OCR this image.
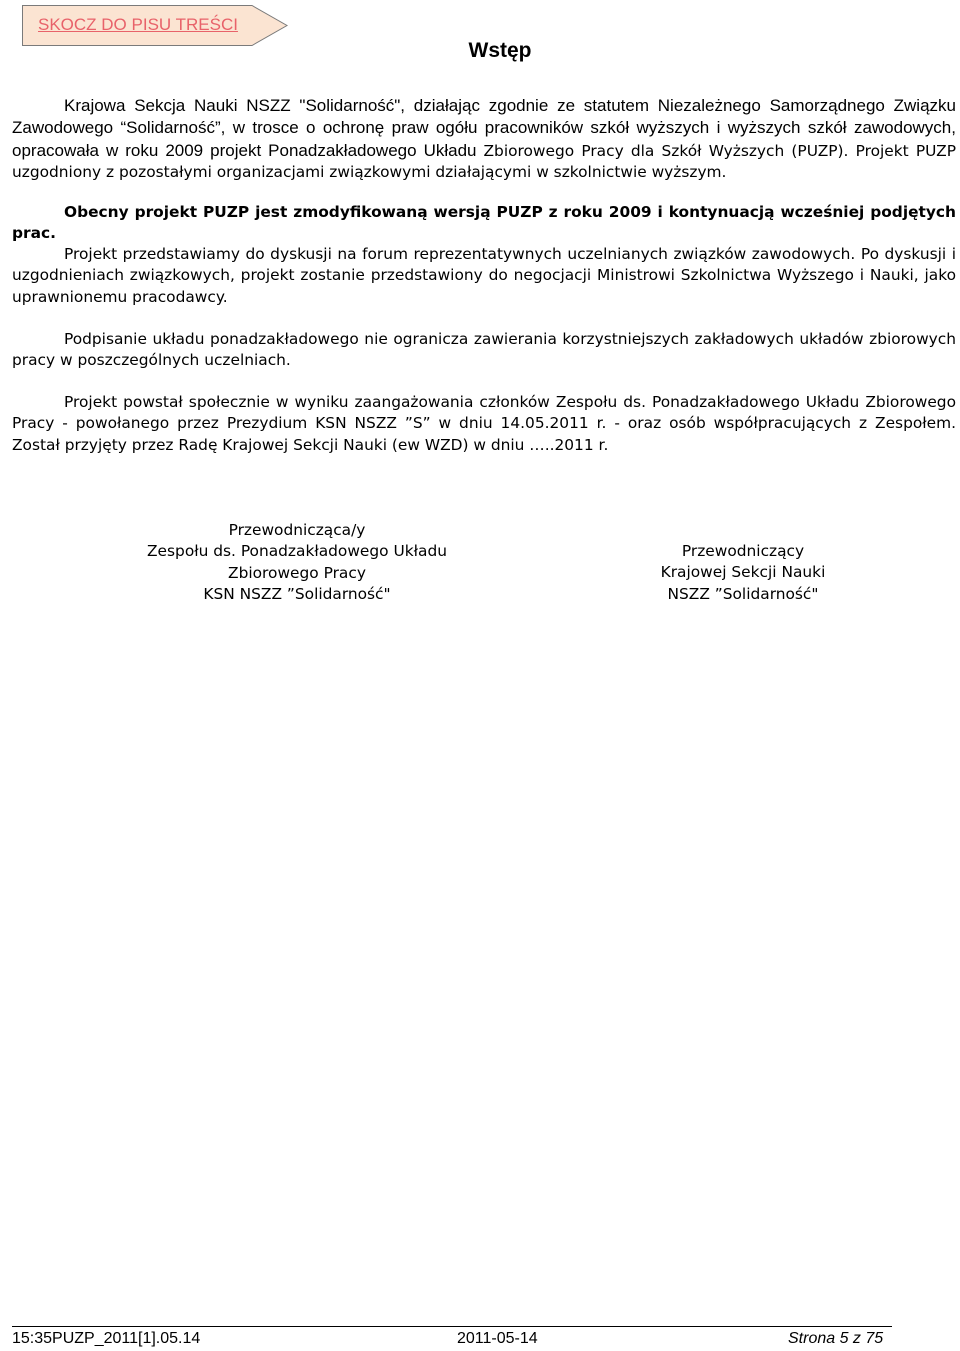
SKOCZ DO PISU TREŚCI
Wstęp

Krajowa Sekcja Nauki NSZZ "Solidarność", działając zgodnie ze statutem Niezależnego Samorządnego Związku Zawodowego “Solidarność”, w trosce o ochronę praw ogółu pracowników szkół wyższych i wyższych szkół zawodowych, opracowała w roku 2009 projekt Ponadzakładowego Układu Zbiorowego Pracy dla Szkół Wyższych (PUZP). Projekt PUZP uzgodniony z pozostałymi organizacjami związkowymi działającymi w szkolnictwie wyższym.

Obecny projekt PUZP jest zmodyfikowaną wersją PUZP z roku 2009 i kontynuacją wcześniej podjętych prac.

Projekt przedstawiamy do dyskusji na forum reprezentatywnych uczelnianych związków zawodowych. Po dyskusji i uzgodnieniach związkowych, projekt zostanie przedstawiony do negocjacji Ministrowi Szkolnictwa Wyższego i Nauki, jako uprawnionemu pracodawcy.

Podpisanie układu ponadzakładowego nie ogranicza zawierania korzystniejszych zakładowych układów zbiorowych pracy w poszczególnych uczelniach.

Projekt powstał społecznie w wyniku zaangażowania członków Zespołu ds. Ponadzakładowego Układu Zbiorowego Pracy - powołanego przez Prezydium KSN NSZZ ”S” w dniu 14.05.2011 r. - oraz osób współpracujących z Zespołem. Został przyjęty przez Radę Krajowej Sekcji Nauki (ew WZD) w dniu …..2011 r.

Przewodnicząca/y
Zespołu ds. Ponadzakładowego Układu
Zbiorowego Pracy
KSN NSZZ ”Solidarność"
Przewodniczący
Krajowej Sekcji Nauki
NSZZ ”Solidarność"
15:35PUZP_2011[1].05.14	2011-05-14	Strona 5 z 75
